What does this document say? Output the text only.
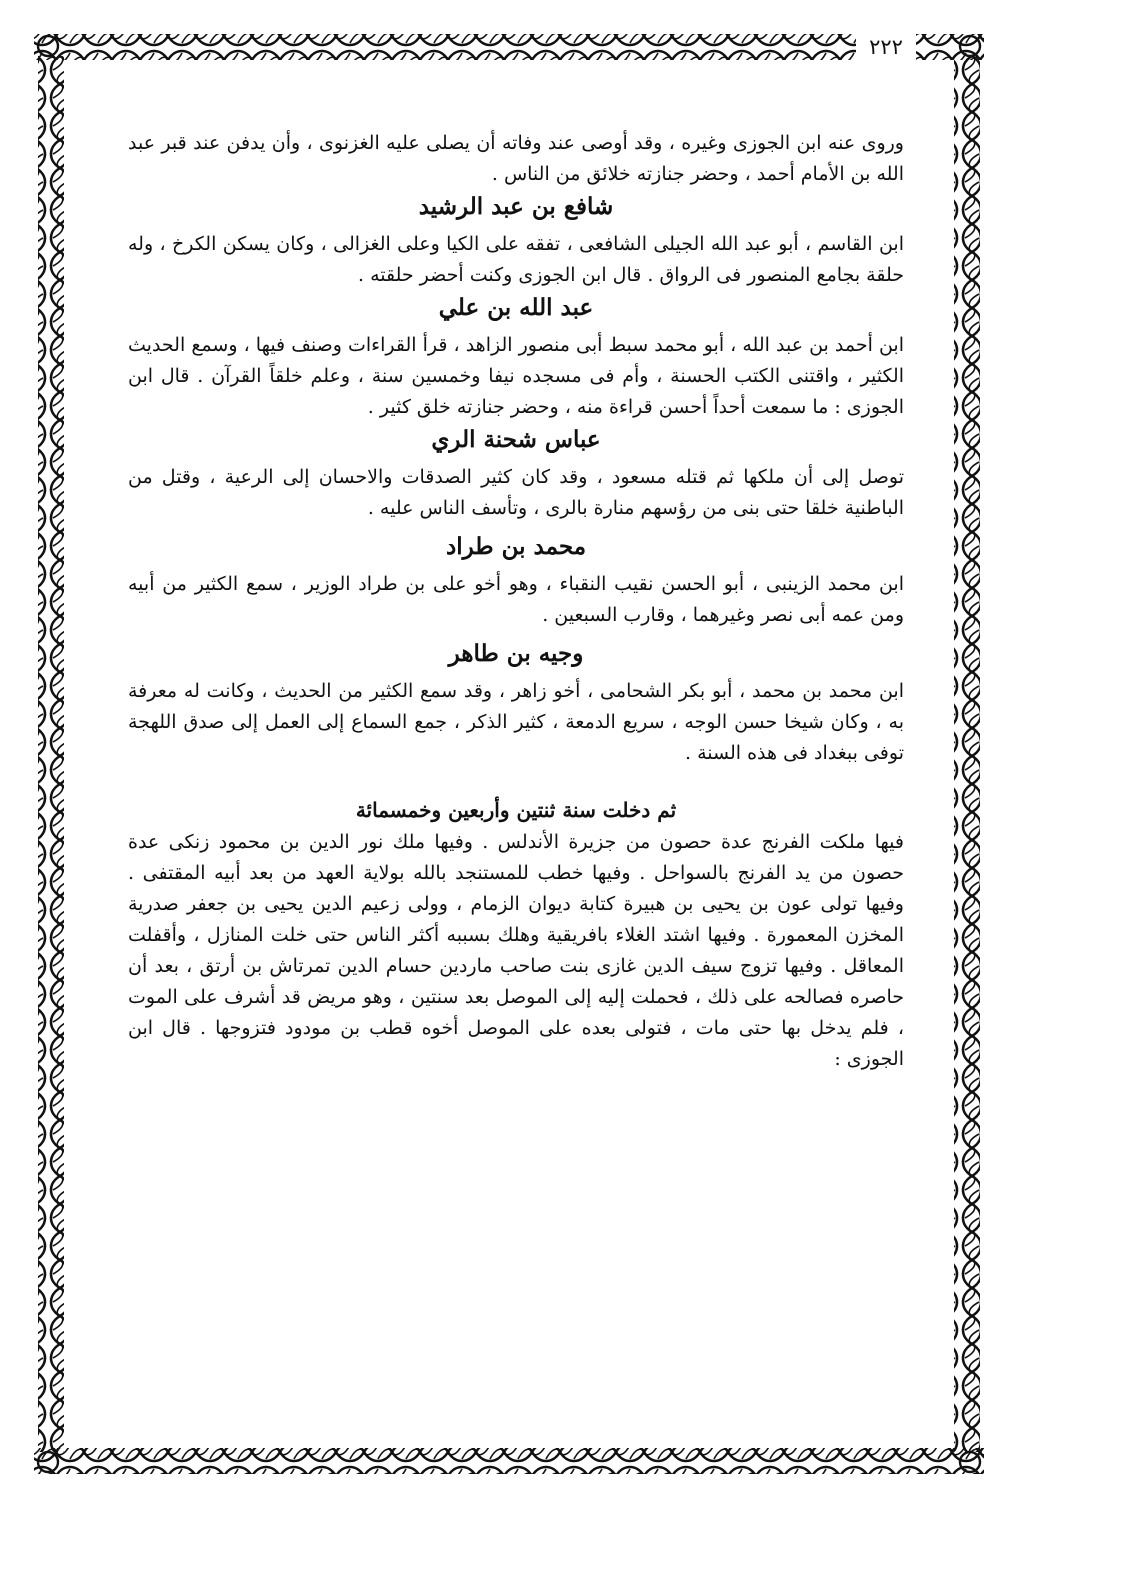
٢٢٢

وروى عنه ابن الجوزى وغيره ، وقد أوصى عند وفاته أن يصلى عليه الغزنوى ، وأن يدفن عند قبر عبد الله بن الأمام أحمد ، وحضر جنازته خلائق من الناس .

شافع بن عبد الرشيد

ابن القاسم ، أبو عبد الله الجيلى الشافعى ، تفقه على الكيا وعلى الغزالى ، وكان يسكن الكرخ ، وله حلقة بجامع المنصور فى الرواق . قال ابن الجوزى وكنت أحضر حلقته .

عبد الله بن علي

ابن أحمد بن عبد الله ، أبو محمد سبط أبى منصور الزاهد ، قرأ القراءات وصنف فيها ، وسمع الحديث الكثير ، واقتنى الكتب الحسنة ، وأم فى مسجده نيفا وخمسين سنة ، وعلم خلقاً القرآن . قال ابن الجوزى : ما سمعت أحداً أحسن قراءة منه ، وحضر جنازته خلق كثير .

عباس شحنة الري

توصل إلى أن ملكها ثم قتله مسعود ، وقد كان كثير الصدقات والاحسان إلى الرعية ، وقتل من الباطنية خلقا حتى بنى من رؤسهم منارة بالرى ، وتأسف الناس عليه .

محمد بن طراد

ابن محمد الزينبى ، أبو الحسن نقيب النقباء ، وهو أخو على بن طراد الوزير ، سمع الكثير من أبيه ومن عمه أبى نصر وغيرهما ، وقارب السبعين .

وجيه بن طاهر

ابن محمد بن محمد ، أبو بكر الشحامى ، أخو زاهر ، وقد سمع الكثير من الحديث ، وكانت له معرفة به ، وكان شيخا حسن الوجه ، سريع الدمعة ، كثير الذكر ، جمع السماع إلى العمل إلى صدق اللهجة توفى ببغداد فى هذه السنة .

ثم دخلت سنة ثنتين وأربعين وخمسمائة

فيها ملكت الفرنج عدة حصون من جزيرة الأندلس . وفيها ملك نور الدين بن محمود زنكى عدة حصون من يد الفرنج بالسواحل . وفيها خطب للمستنجد بالله بولاية العهد من بعد أبيه المقتفى . وفيها تولى عون بن يحيى بن هبيرة كتابة ديوان الزمام ، وولى زعيم الدين يحيى بن جعفر صدرية المخزن المعمورة . وفيها اشتد الغلاء بافريقية وهلك بسببه أكثر الناس حتى خلت المنازل ، وأقفلت المعاقل . وفيها تزوج سيف الدين غازى بنت صاحب ماردين حسام الدين تمرتاش بن أرتق ، بعد أن حاصره فصالحه على ذلك ، فحملت إليه إلى الموصل بعد سنتين ، وهو مريض قد أشرف على الموت ، فلم يدخل بها حتى مات ، فتولى بعده على الموصل أخوه قطب بن مودود فتزوجها . قال ابن الجوزى :
